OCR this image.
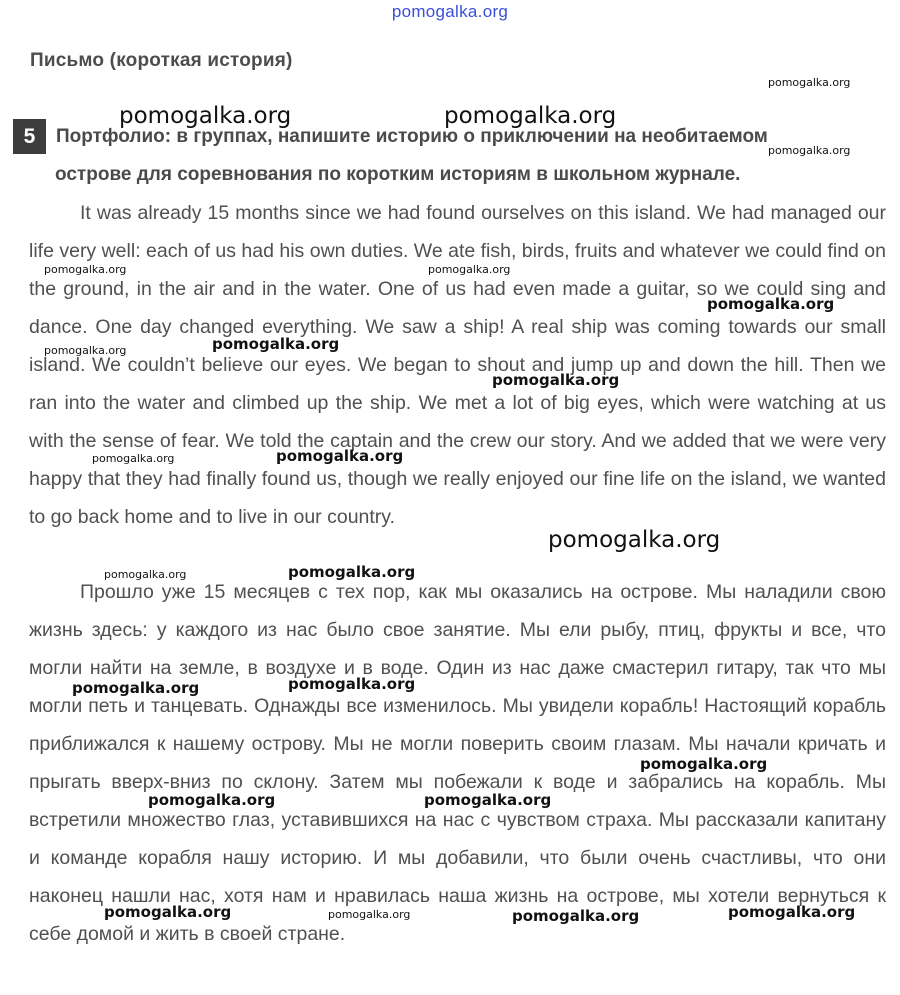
pomogalka.org
Письмо (короткая история)
5	Портфолио: в группах, напишите историю о приключении на необитаемом
острове для соревнования по коротким историям в школьном журнале.

It was already 15 months since we had found ourselves on this island. We had managed our life very well: each of us had his own duties. We ate fish, birds, fruits and whatever we could find on the ground, in the air and in the water. One of us had even made a guitar, so we could sing and dance. One day changed everything. We saw a ship! A real ship was coming towards our small island. We couldn’t believe our eyes. We began to shout and jump up and down the hill. Then we ran into the water and climbed up the ship. We met a lot of big eyes, which were watching at us with the sense of fear. We told the captain and the crew our story. And we added that we were very happy that they had finally found us, though we really enjoyed our fine life on the island, we wanted to go back home and to live in our country.

Прошло уже 15 месяцев с тех пор, как мы оказались на острове. Мы наладили свою жизнь здесь: у каждого из нас было свое занятие. Мы ели рыбу, птиц, фрукты и все, что могли найти на земле, в воздухе и в воде. Один из нас даже смастерил гитару, так что мы могли петь и танцевать. Однажды все изменилось. Мы увидели корабль! Настоящий корабль приближался к нашему острову. Мы не могли поверить своим глазам. Мы начали кричать и прыгать вверх-вниз по склону. Затем мы побежали к воде и забрались на корабль. Мы встретили множество глаз, уставившихся на нас с чувством страха. Мы рассказали капитану и команде корабля нашу историю. И мы добавили, что были очень счастливы, что они наконец нашли нас, хотя нам и нравилась наша жизнь на острове, мы хотели вернуться к себе домой и жить в своей стране.

pomogalka.org
pomogalka.org	pomogalka.org
pomogalka.org
pomogalka.org	pomogalka.org
pomogalka.org
pomogalka.org	pomogalka.org
pomogalka.org
pomogalka.org	pomogalka.org
pomogalka.org
pomogalka.org	pomogalka.org
pomogalka.org	pomogalka.org
pomogalka.org
pomogalka.org	pomogalka.org
pomogalka.org	pomogalka.org	pomogalka.org	pomogalka.org
